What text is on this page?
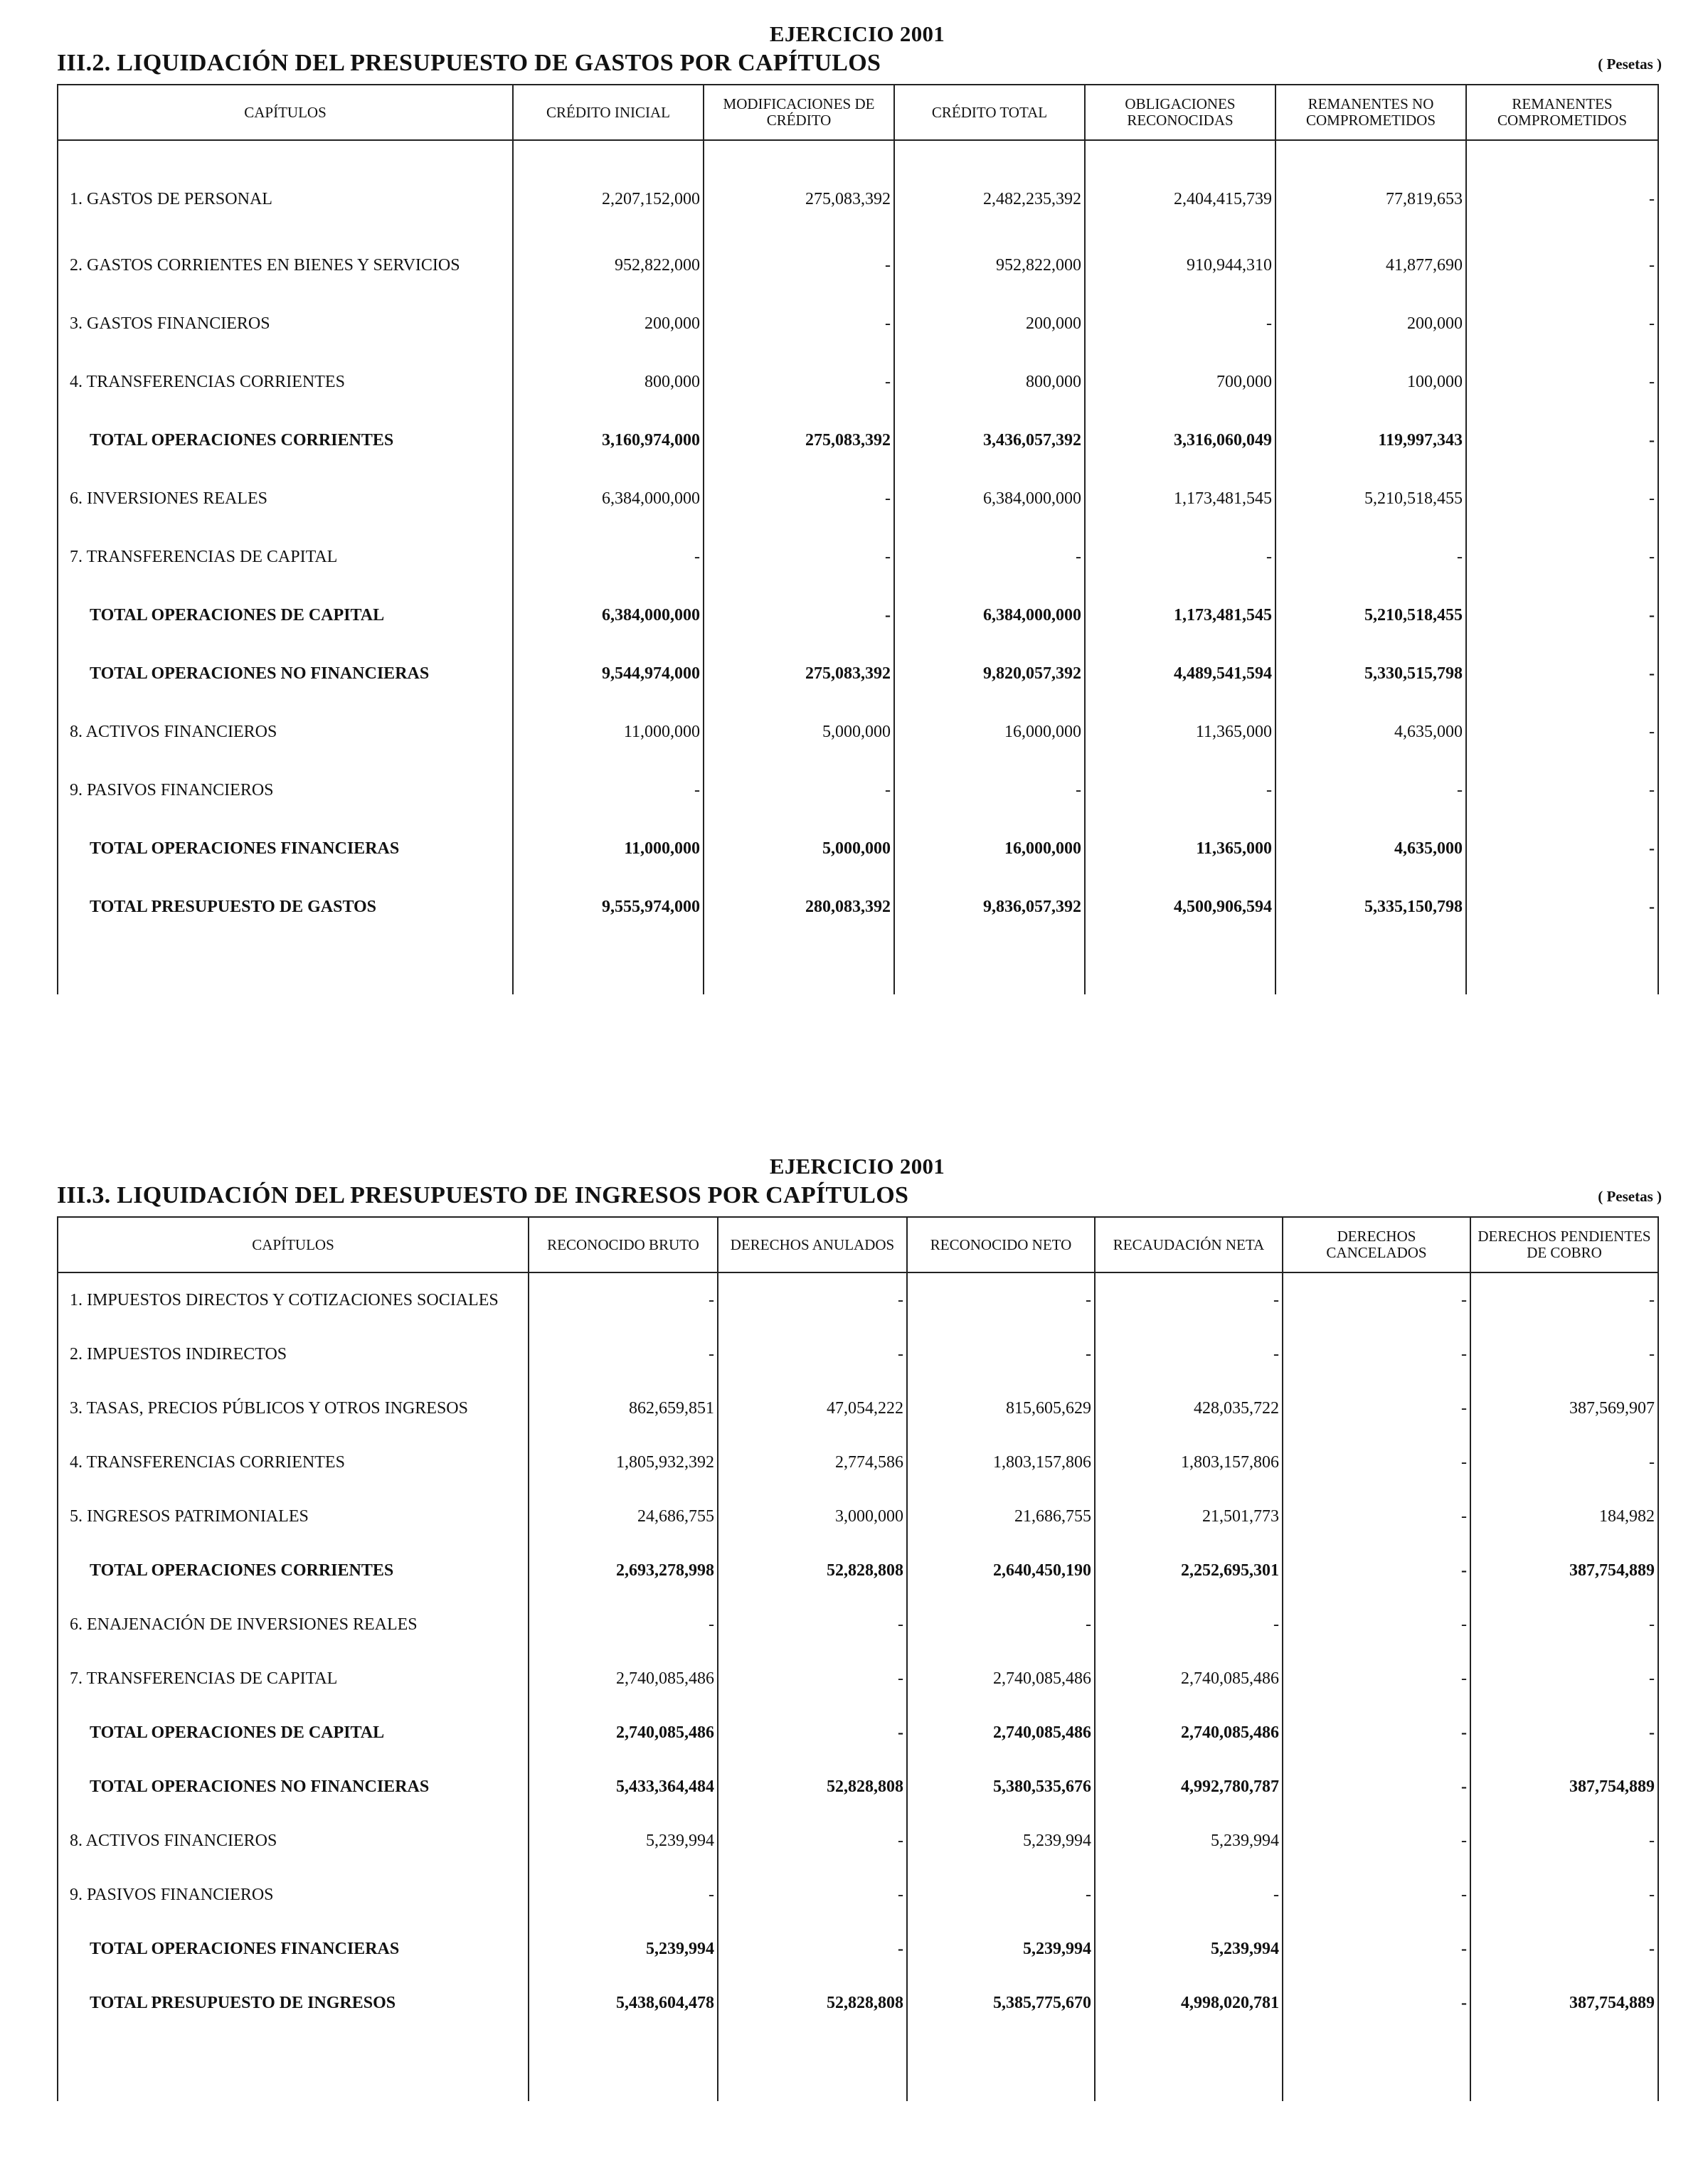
EJERCICIO 2001
III.2. LIQUIDACIÓN DEL PRESUPUESTO DE GASTOS POR CAPÍTULOS	( Pesetas )
CAPÍTULOS	CRÉDITO INICIAL	MODIFICACIONES DE CRÉDITO	CRÉDITO TOTAL	OBLIGACIONES RECONOCIDAS	REMANENTES NO COMPROMETIDOS	REMANENTES COMPROMETIDOS
1. GASTOS DE PERSONAL	2,207,152,000	275,083,392	2,482,235,392	2,404,415,739	77,819,653	-
2. GASTOS CORRIENTES EN BIENES Y SERVICIOS	952,822,000	-	952,822,000	910,944,310	41,877,690	-
3. GASTOS FINANCIEROS	200,000	-	200,000	-	200,000	-
4. TRANSFERENCIAS CORRIENTES	800,000	-	800,000	700,000	100,000	-
TOTAL OPERACIONES CORRIENTES	3,160,974,000	275,083,392	3,436,057,392	3,316,060,049	119,997,343	-
6. INVERSIONES REALES	6,384,000,000	-	6,384,000,000	1,173,481,545	5,210,518,455	-
7. TRANSFERENCIAS DE CAPITAL	-	-	-	-	-	-
TOTAL OPERACIONES DE CAPITAL	6,384,000,000	-	6,384,000,000	1,173,481,545	5,210,518,455	-
TOTAL OPERACIONES NO FINANCIERAS	9,544,974,000	275,083,392	9,820,057,392	4,489,541,594	5,330,515,798	-
8. ACTIVOS FINANCIEROS	11,000,000	5,000,000	16,000,000	11,365,000	4,635,000	-
9. PASIVOS FINANCIEROS	-	-	-	-	-	-
TOTAL OPERACIONES FINANCIERAS	11,000,000	5,000,000	16,000,000	11,365,000	4,635,000	-
TOTAL PRESUPUESTO DE GASTOS	9,555,974,000	280,083,392	9,836,057,392	4,500,906,594	5,335,150,798	-

EJERCICIO 2001
III.3. LIQUIDACIÓN DEL PRESUPUESTO DE INGRESOS POR CAPÍTULOS	( Pesetas )
CAPÍTULOS	RECONOCIDO BRUTO	DERECHOS ANULADOS	RECONOCIDO NETO	RECAUDACIÓN NETA	DERECHOS CANCELADOS	DERECHOS PENDIENTES DE COBRO
1. IMPUESTOS DIRECTOS Y COTIZACIONES SOCIALES	-	-	-	-	-	-
2. IMPUESTOS INDIRECTOS	-	-	-	-	-	-
3. TASAS, PRECIOS PÚBLICOS Y OTROS INGRESOS	862,659,851	47,054,222	815,605,629	428,035,722	-	387,569,907
4. TRANSFERENCIAS CORRIENTES	1,805,932,392	2,774,586	1,803,157,806	1,803,157,806	-	-
5. INGRESOS PATRIMONIALES	24,686,755	3,000,000	21,686,755	21,501,773	-	184,982
TOTAL OPERACIONES CORRIENTES	2,693,278,998	52,828,808	2,640,450,190	2,252,695,301	-	387,754,889
6. ENAJENACIÓN DE INVERSIONES REALES	-	-	-	-	-	-
7. TRANSFERENCIAS DE CAPITAL	2,740,085,486	-	2,740,085,486	2,740,085,486	-	-
TOTAL OPERACIONES DE CAPITAL	2,740,085,486	-	2,740,085,486	2,740,085,486	-	-
TOTAL OPERACIONES NO FINANCIERAS	5,433,364,484	52,828,808	5,380,535,676	4,992,780,787	-	387,754,889
8. ACTIVOS FINANCIEROS	5,239,994	-	5,239,994	5,239,994	-	-
9. PASIVOS FINANCIEROS	-	-	-	-	-	-
TOTAL OPERACIONES FINANCIERAS	5,239,994	-	5,239,994	5,239,994	-	-
TOTAL PRESUPUESTO DE INGRESOS	5,438,604,478	52,828,808	5,385,775,670	4,998,020,781	-	387,754,889
